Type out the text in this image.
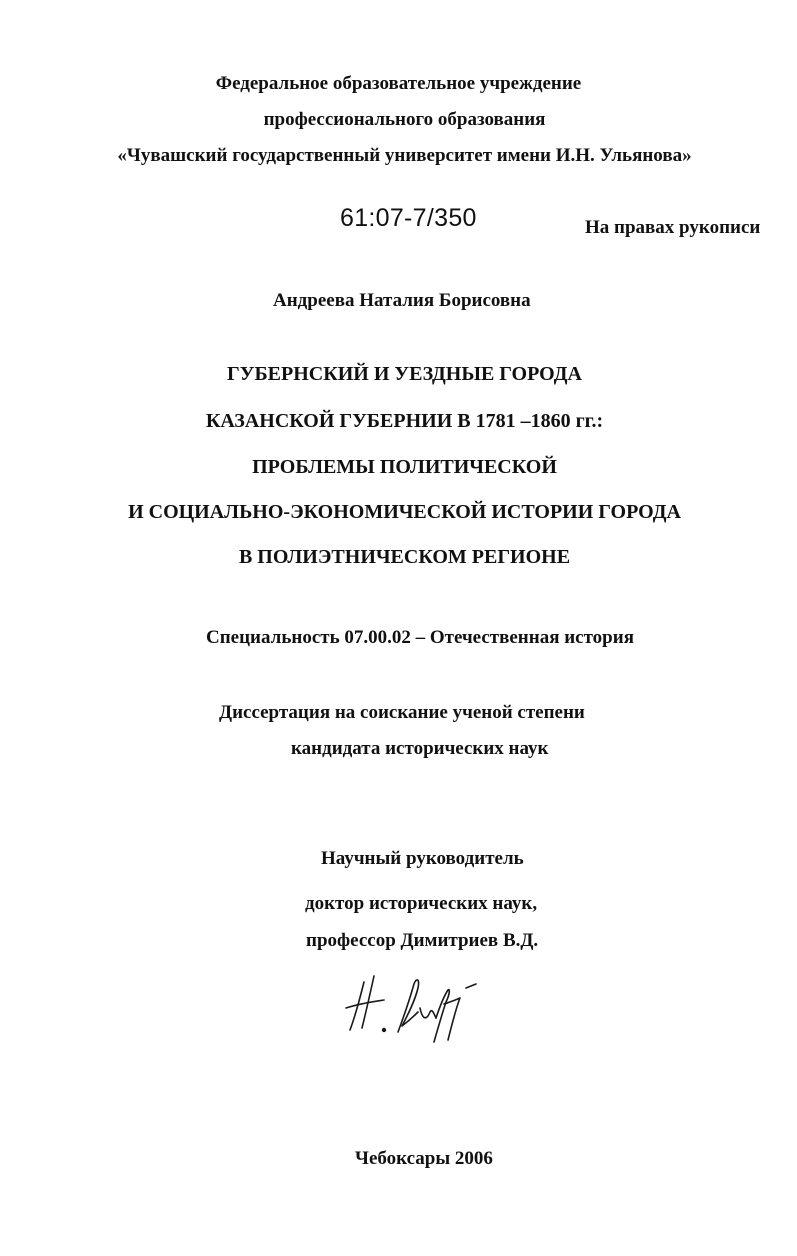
Федеральное образовательное учреждение
профессионального образования
«Чувашский государственный университет имени И.Н. Ульянова»
61:07-7/350	На правах рукописи
Андреева Наталия Борисовна
ГУБЕРНСКИЙ И УЕЗДНЫЕ ГОРОДА
КАЗАНСКОЙ ГУБЕРНИИ В 1781 –1860 гг.:
ПРОБЛЕМЫ ПОЛИТИЧЕСКОЙ
И СОЦИАЛЬНО-ЭКОНОМИЧЕСКОЙ ИСТОРИИ ГОРОДА
В ПОЛИЭТНИЧЕСКОМ РЕГИОНЕ
Специальность 07.00.02 – Отечественная история
Диссертация на соискание ученой степени
кандидата исторических наук
Научный руководитель
доктор исторических наук,
профессор Димитриев В.Д.
Чебоксары 2006
